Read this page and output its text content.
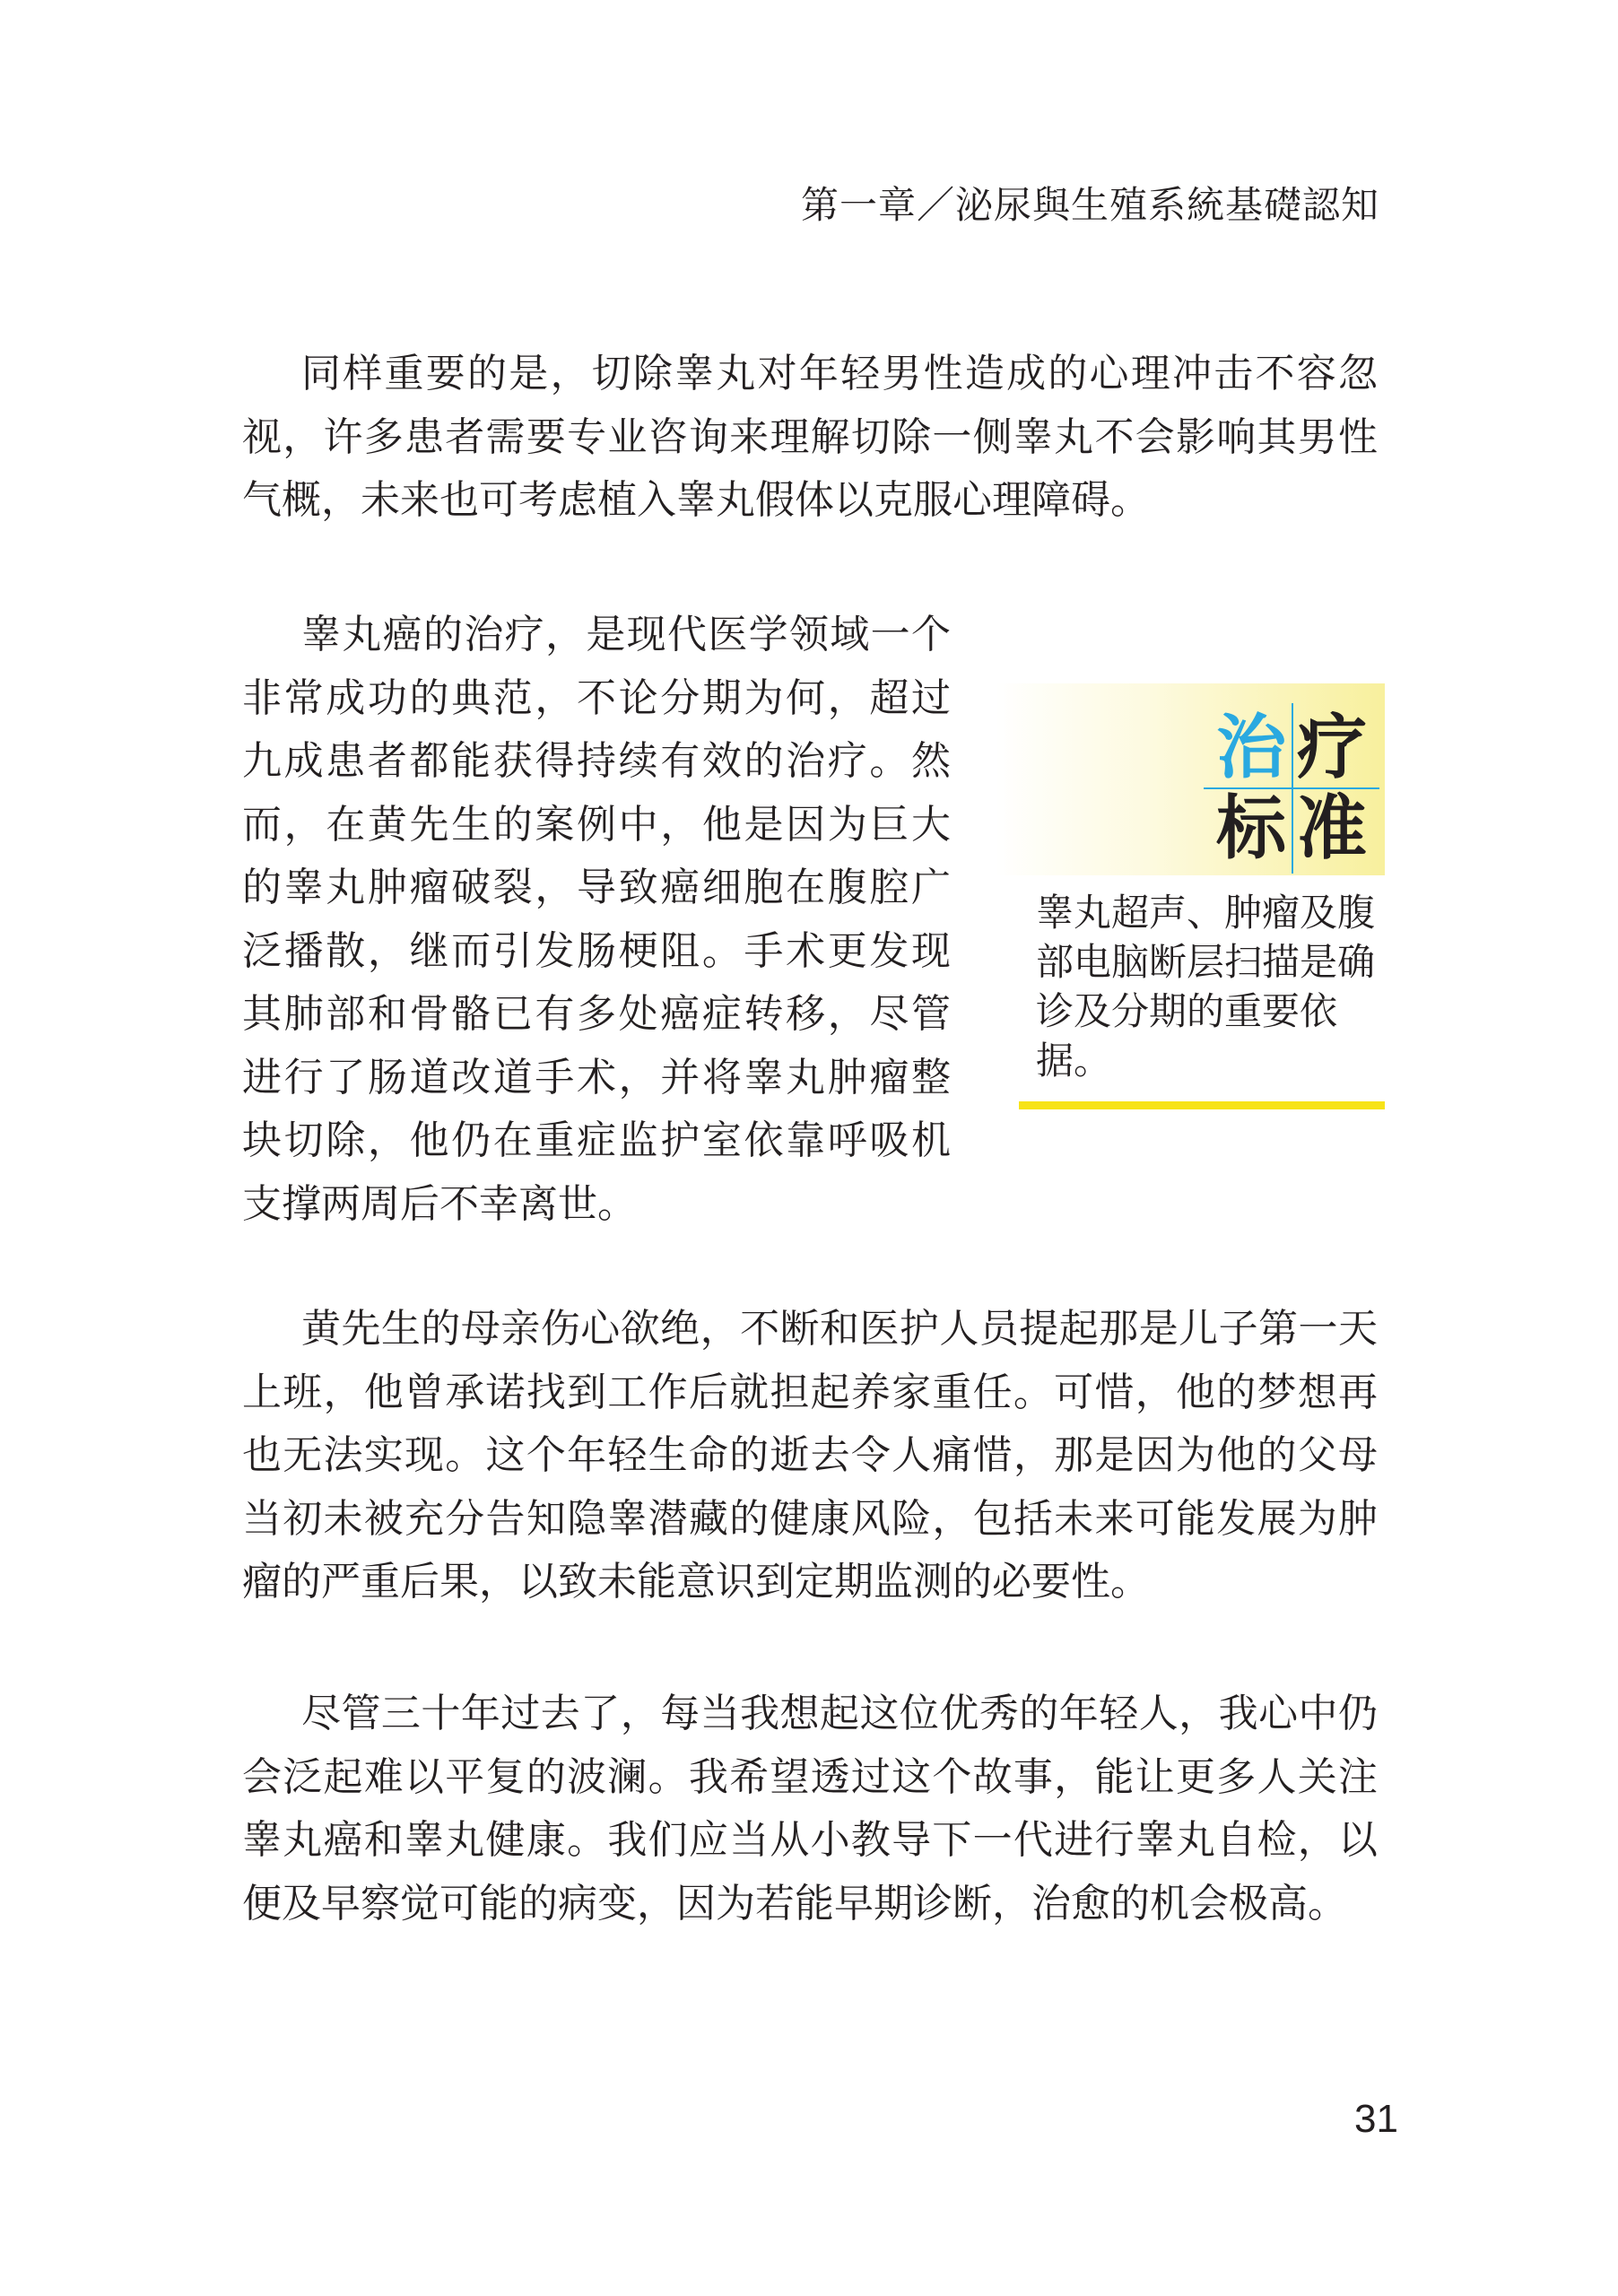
第一章／泌尿與生殖系統基礎認知

同样重要的是，切除睾丸对年轻男性造成的心理冲击不容忽视，许多患者需要专业咨询来理解切除一侧睾丸不会影响其男性气概，未来也可考虑植入睾丸假体以克服心理障碍。

睾丸癌的治疗，是现代医学领域一个非常成功的典范，不论分期为何，超过九成患者都能获得持续有效的治疗。然而，在黄先生的案例中，他是因为巨大的睾丸肿瘤破裂，导致癌细胞在腹腔广泛播散，继而引发肠梗阻。手术更发现其肺部和骨骼已有多处癌症转移，尽管进行了肠道改道手术，并将睾丸肿瘤整块切除，他仍在重症监护室依靠呼吸机支撑两周后不幸离世。

治 疗
标 准

睾丸超声、肿瘤及腹部电脑断层扫描是确诊及分期的重要依据。

黄先生的母亲伤心欲绝，不断和医护人员提起那是儿子第一天上班，他曾承诺找到工作后就担起养家重任。可惜，他的梦想再也无法实现。这个年轻生命的逝去令人痛惜，那是因为他的父母当初未被充分告知隐睾潜藏的健康风险，包括未来可能发展为肿瘤的严重后果，以致未能意识到定期监测的必要性。

尽管三十年过去了，每当我想起这位优秀的年轻人，我心中仍会泛起难以平复的波澜。我希望透过这个故事，能让更多人关注睾丸癌和睾丸健康。我们应当从小教导下一代进行睾丸自检，以便及早察觉可能的病变，因为若能早期诊断，治愈的机会极高。

31
